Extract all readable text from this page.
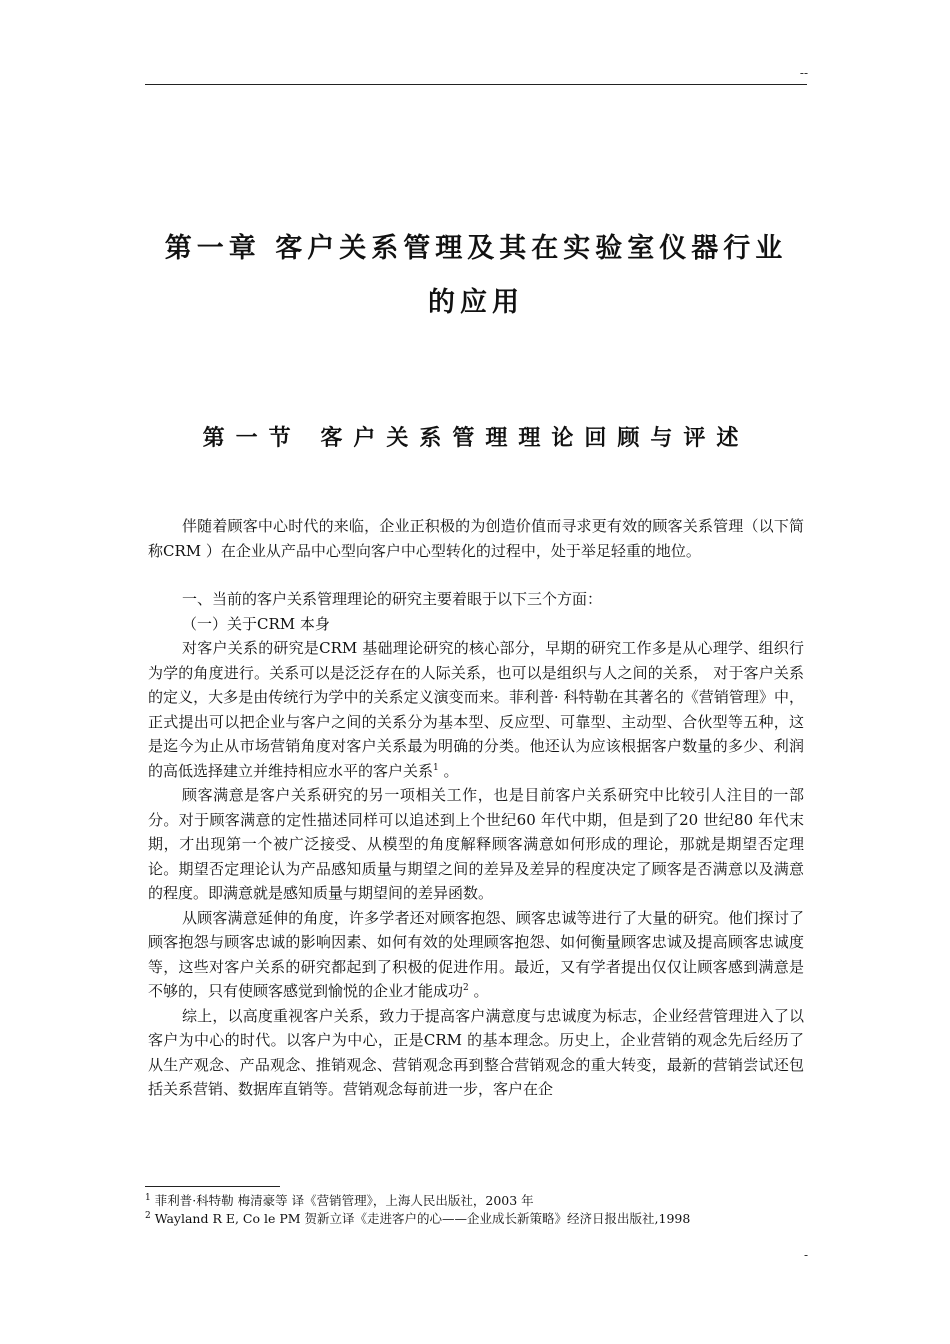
--
第一章 客户关系管理及其在实验室仪器行业
的应用
第一节 客户关系管理理论回顾与评述

伴随着顾客中心时代的来临，企业正积极的为创造价值而寻求更有效的顾客关系管理（以下简称CRM ）在企业从产品中心型向客户中心型转化的过程中，处于举足轻重的地位。

一、当前的客户关系管理理论的研究主要着眼于以下三个方面：

（一）关于CRM 本身

对客户关系的研究是CRM 基础理论研究的核心部分，早期的研究工作多是从心理学、组织行为学的角度进行。关系可以是泛泛存在的人际关系，也可以是组织与人之间的关系， 对于客户关系的定义，大多是由传统行为学中的关系定义演变而来。菲利普· 科特勒在其著名的《营销管理》中，正式提出可以把企业与客户之间的关系分为基本型、反应型、可靠型、主动型、合伙型等五种，这是迄今为止从市场营销角度对客户关系最为明确的分类。他还认为应该根据客户数量的多少、利润的高低选择建立并维持相应水平的客户关系$^1$ 。

顾客满意是客户关系研究的另一项相关工作，也是目前客户关系研究中比较引人注目的一部分。对于顾客满意的定性描述同样可以追述到上个世纪60 年代中期，但是到了20 世纪80 年代末期，才出现第一个被广泛接受、从模型的角度解释顾客满意如何形成的理论，那就是期望否定理论。期望否定理论认为产品感知质量与期望之间的差异及差异的程度决定了顾客是否满意以及满意的程度。即满意就是感知质量与期望间的差异函数。

从顾客满意延伸的角度，许多学者还对顾客抱怨、顾客忠诚等进行了大量的研究。他们探讨了顾客抱怨与顾客忠诚的影响因素、如何有效的处理顾客抱怨、如何衡量顾客忠诚及提高顾客忠诚度等，这些对客户关系的研究都起到了积极的促进作用。最近，又有学者提出仅仅让顾客感到满意是不够的，只有使顾客感觉到愉悦的企业才能成功$^2$ 。

综上，以高度重视客户关系，致力于提高客户满意度与忠诚度为标志，企业经营管理进入了以客户为中心的时代。以客户为中心，正是CRM 的基本理念。历史上，企业营销的观念先后经历了从生产观念、产品观念、推销观念、营销观念再到整合营销观念的重大转变，最新的营销尝试还包括关系营销、数据库直销等。营销观念每前进一步，客户在企

$^1$ 菲利普·科特勒 梅清豪等 译《营销管理》，上海人民出版社，2003 年

$^2$ Wayland R E, Co le PM 贺新立译《走进客户的心——企业成长新策略》经济日报出版社,1998

-
